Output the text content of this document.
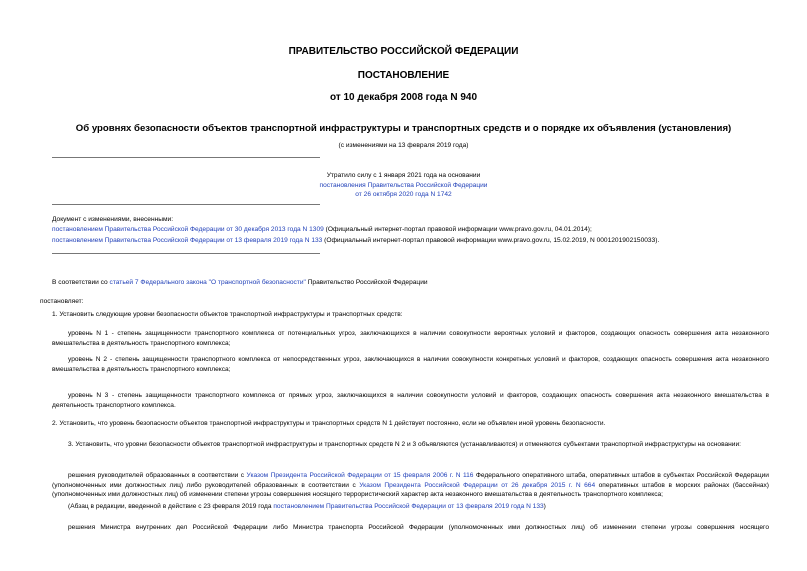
ПРАВИТЕЛЬСТВО РОССИЙСКОЙ ФЕДЕРАЦИИ
ПОСТАНОВЛЕНИЕ
от 10 декабря 2008 года N 940
Об уровнях безопасности объектов транспортной инфраструктуры и транспортных средств и о порядке их объявления (установления)
(с изменениями на 13 февраля 2019 года)
Утратило силу с 1 января 2021 года на основании
постановления Правительства Российской Федерации
от 26 октября 2020 года N 1742
Документ с изменениями, внесенными:
постановлением Правительства Российской Федерации от 30 декабря 2013 года N 1309 (Официальный интернет-портал правовой информации www.pravo.gov.ru, 04.01.2014);
постановлением Правительства Российской Федерации от 13 февраля 2019 года N 133 (Официальный интернет-портал правовой информации www.pravo.gov.ru, 15.02.2019, N 0001201902150033).
В соответствии со статьей 7 Федерального закона "О транспортной безопасности" Правительство Российской Федерации
постановляет:
1. Установить следующие уровни безопасности объектов транспортной инфраструктуры и транспортных средств:
уровень N 1 - степень защищенности транспортного комплекса от потенциальных угроз, заключающихся в наличии совокупности вероятных условий и факторов, создающих опасность совершения акта незаконного вмешательства в деятельность транспортного комплекса;
уровень N 2 - степень защищенности транспортного комплекса от непосредственных угроз, заключающихся в наличии совокупности конкретных условий и факторов, создающих опасность совершения акта незаконного вмешательства в деятельность транспортного комплекса;
уровень N 3 - степень защищенности транспортного комплекса от прямых угроз, заключающихся в наличии совокупности условий и факторов, создающих опасность совершения акта незаконного вмешательства в деятельность транспортного комплекса.
2. Установить, что уровень безопасности объектов транспортной инфраструктуры и транспортных средств N 1 действует постоянно, если не объявлен иной уровень безопасности.
3. Установить, что уровни безопасности объектов транспортной инфраструктуры и транспортных средств N 2 и 3 объявляются (устанавливаются) и отменяются субъектами транспортной инфраструктуры на основании:
решения руководителей образованных в соответствии с Указом Президента Российской Федерации от 15 февраля 2006 г. N 116 Федерального оперативного штаба, оперативных штабов в субъектах Российской Федерации (уполномоченных ими должностных лиц) либо руководителей образованных в соответствии с Указом Президента Российской Федерации от 26 декабря 2015 г. N 664 оперативных штабов в морских районах (бассейнах) (уполномоченных ими должностных лиц) об изменении степени угрозы совершения носящего террористический характер акта незаконного вмешательства в деятельность транспортного комплекса;
(Абзац в редакции, введенной в действие с 23 февраля 2019 года постановлением Правительства Российской Федерации от 13 февраля 2019 года N 133)
решения Министра внутренних дел Российской Федерации либо Министра транспорта Российской Федерации (уполномоченных ими должностных лиц) об изменении степени угрозы совершения носящего
